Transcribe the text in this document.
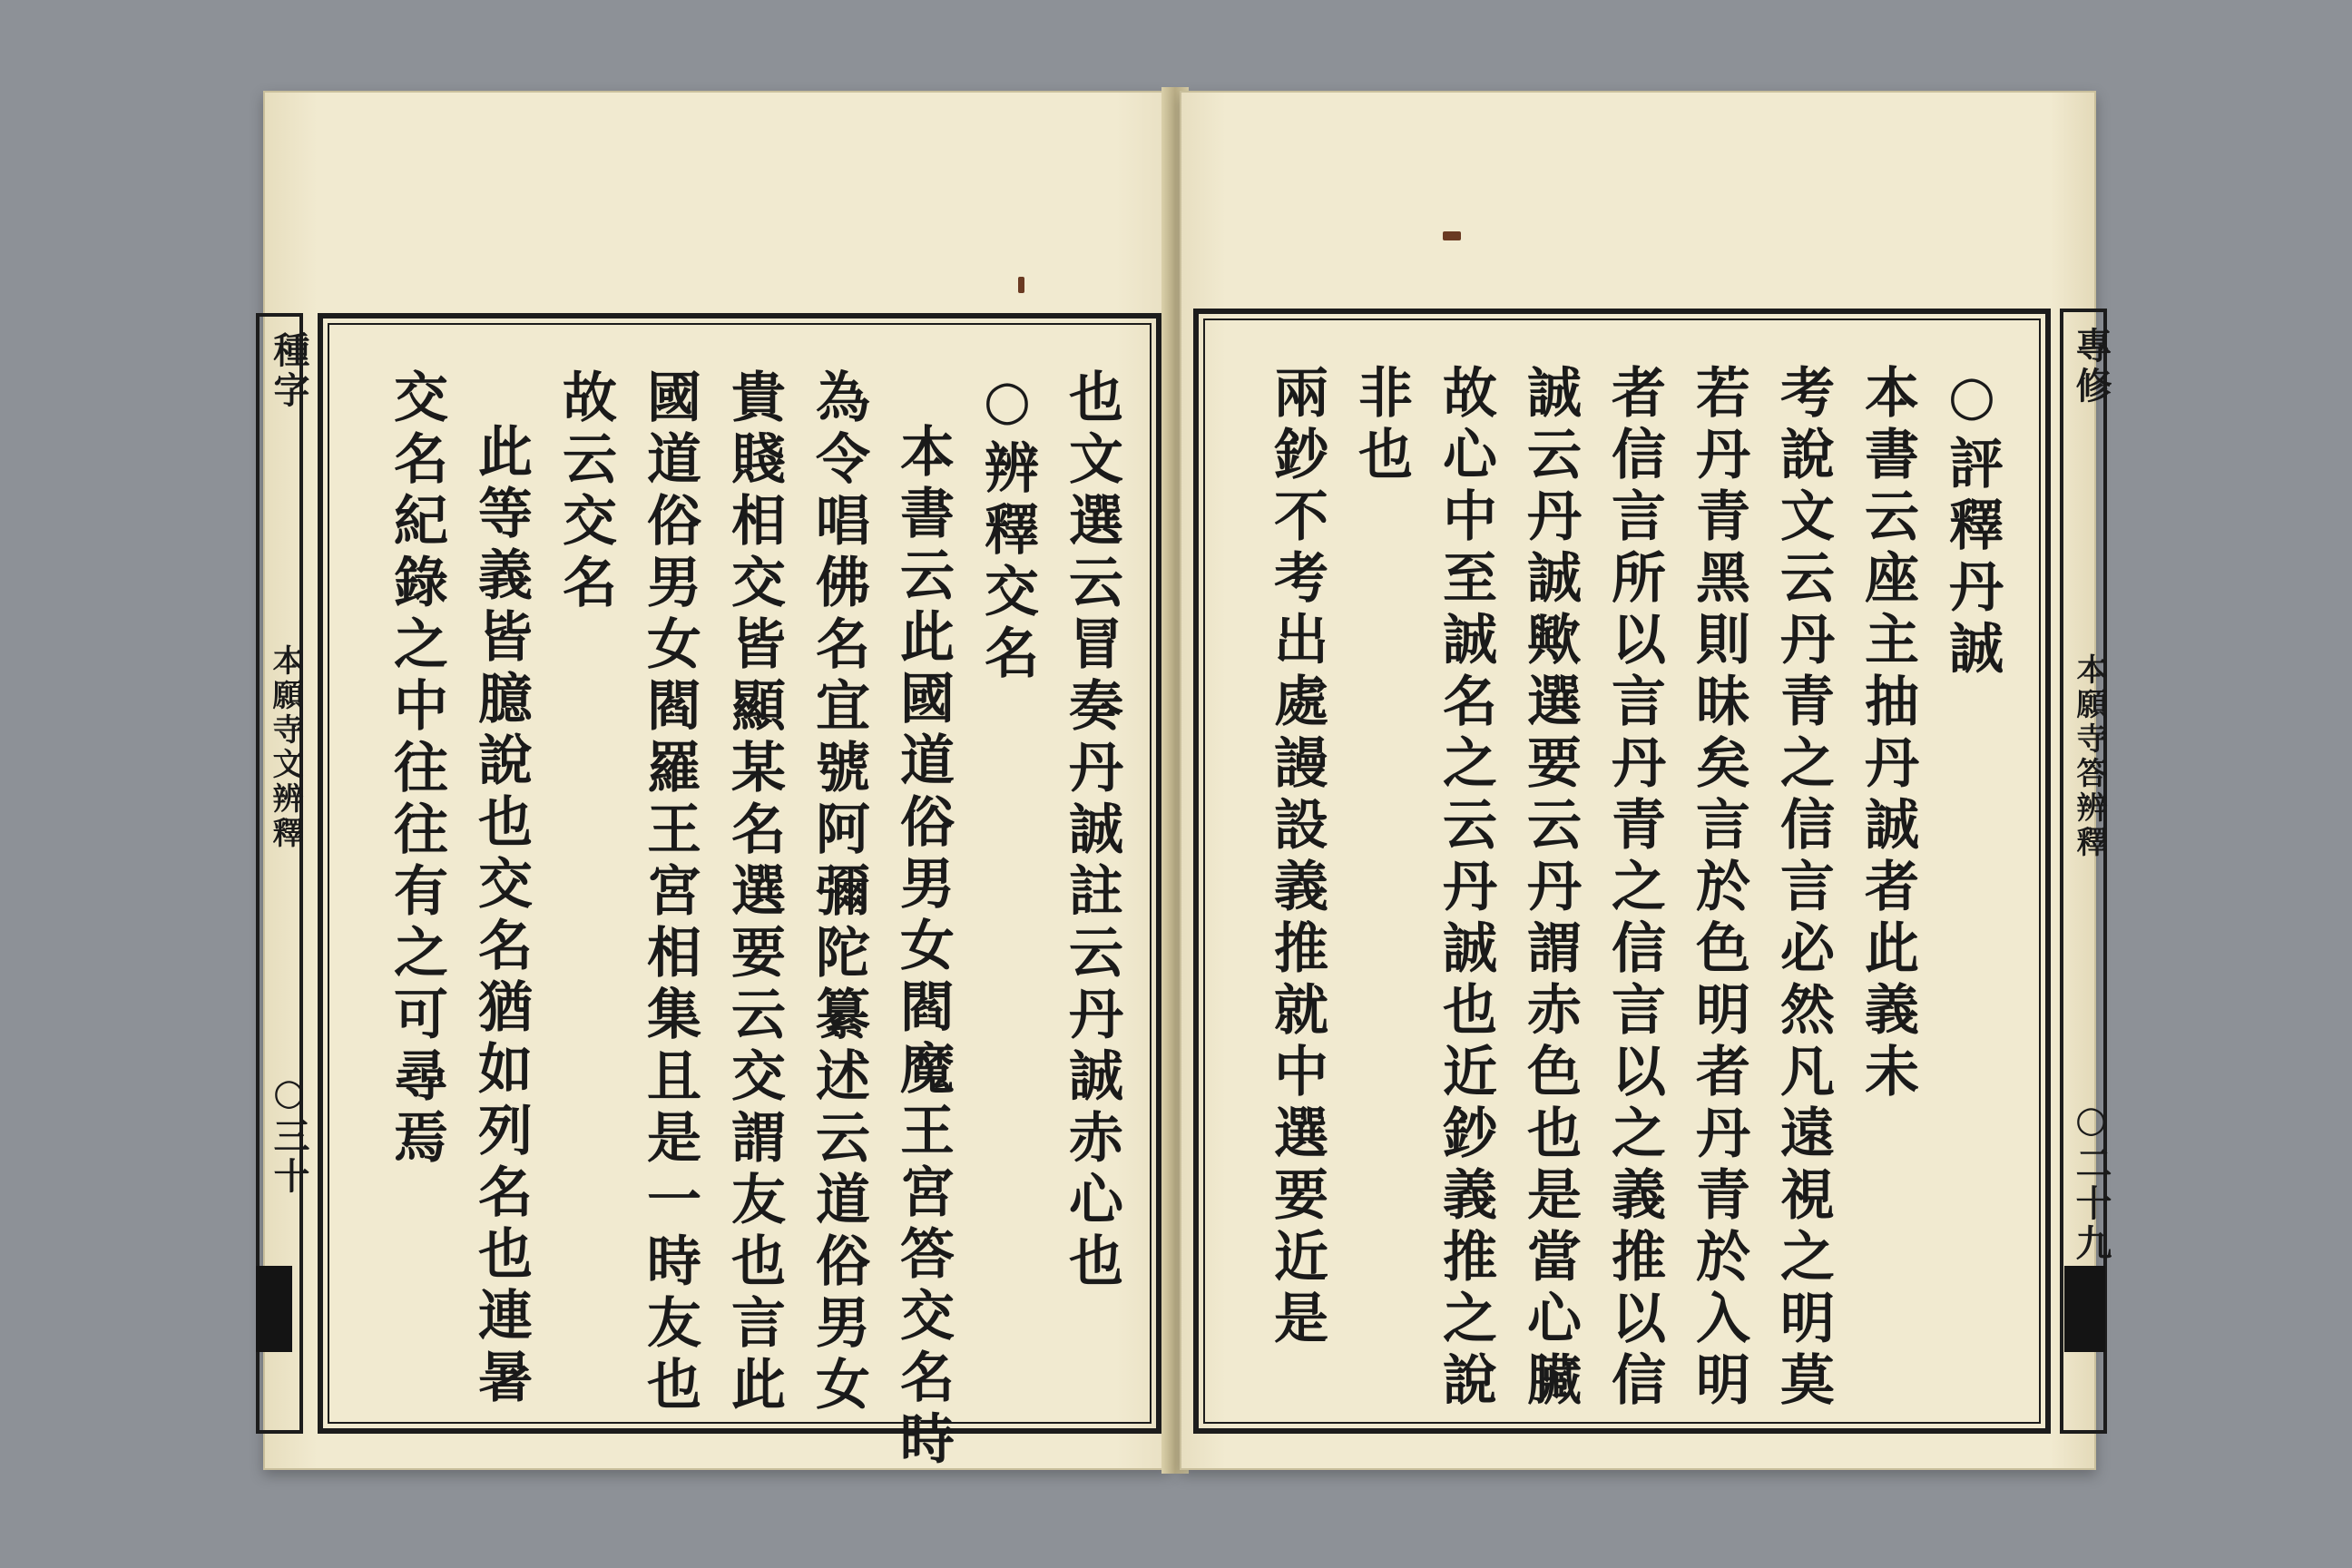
種字
本願寺文辨釋
○三十	也文選云冒奏丹誠註云丹誠赤心也
○辨釋交名
本書云此國道俗男女閻魔王宮答交名時
為令唱佛名宜號阿彌陀纂述云道俗男女
貴賤相交皆顯某名選要云交謂友也言此
國道俗男女閻羅王宮相集且是一時友也
故云交名
此等義皆臆說也交名猶如列名也連暑
交名紀錄之中往往有之可尋焉	○評釋丹誠
本書云座主抽丹誠者此義未
考說文云丹青之信言必然凡遠視之明莫
若丹青黑則昧矣言於色明者丹青於入明
者信言所以言丹青之信言以之義推以信
誠云丹誠歟選要云丹謂赤色也是當心臟
故心中至誠名之云丹誠也近鈔義推之說
非也
兩鈔不考出處謾設義推就中選要近是	專修
本願寺答辨釋
○二十九
